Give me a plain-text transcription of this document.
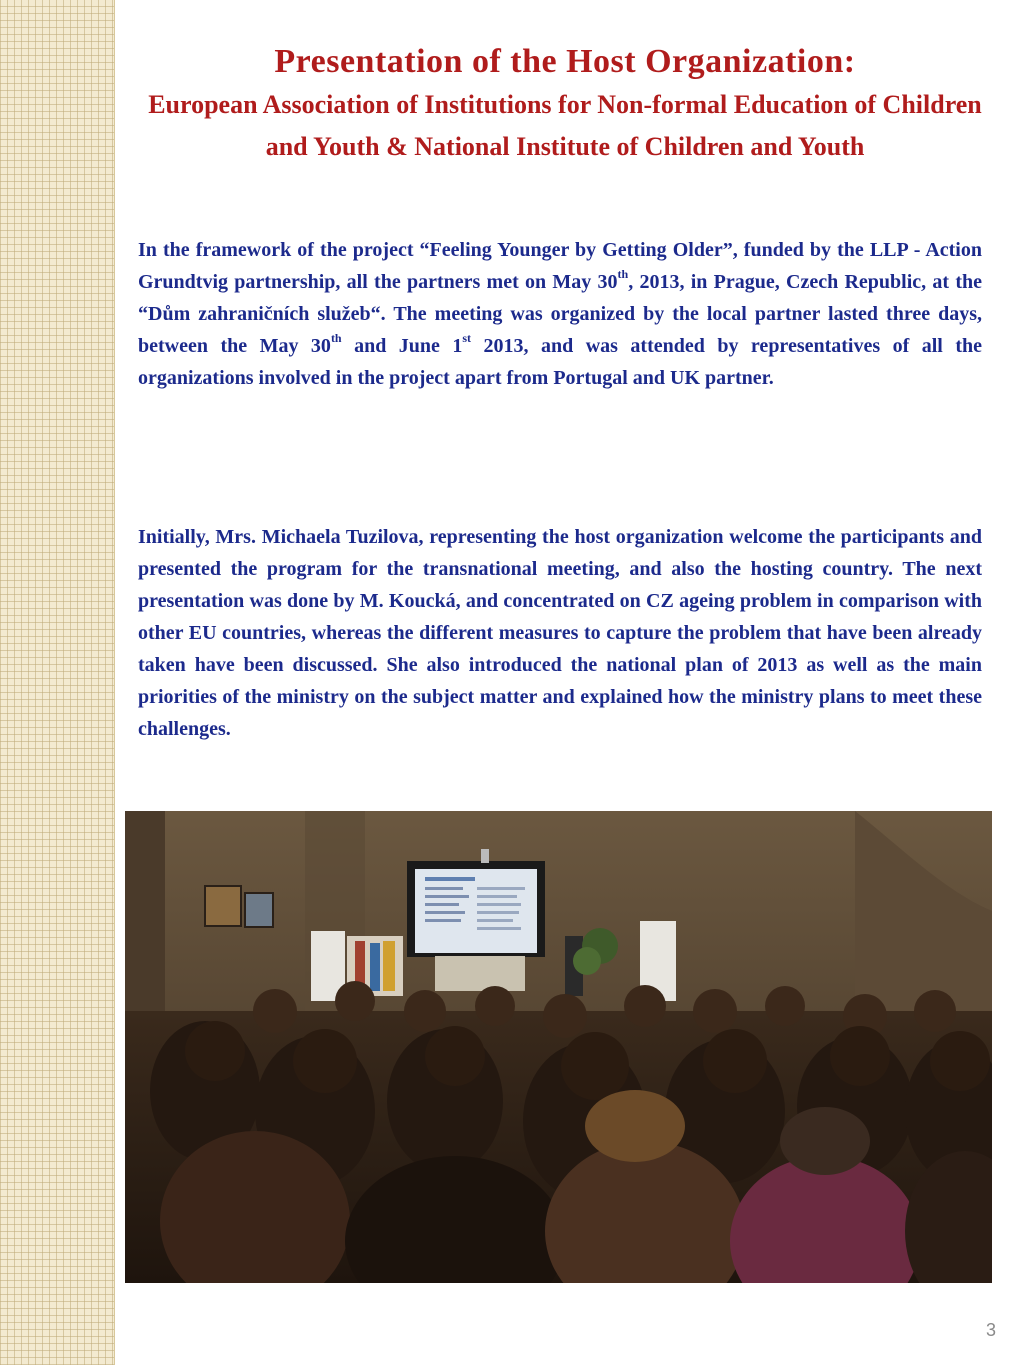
Presentation of the Host Organization:

European Association of Institutions for Non-formal Education of Children and Youth & National Institute of Children and Youth

In the framework of the project “Feeling Younger by Getting Older”, funded by the LLP - Action Grundtvig partnership, all the partners met on May 30th, 2013, in Prague, Czech Republic, at the “Dům zahraničních služeb“. The meeting was organized by the local partner lasted three days, between the May 30th and June 1st 2013, and was attended by representatives of all the organizations involved in the project apart from Portugal and UK partner.

Initially, Mrs. Michaela Tuzilova, representing the host organization welcome the participants and presented the program for the transnational meeting, and also the hosting country. The next presentation was done by M. Koucká, and concentrated on CZ ageing problem in comparison with other EU countries, whereas the different measures to capture the problem that have been already taken have been discussed. She also introduced the national plan of 2013 as well as the main priorities of the ministry on the subject matter and explained how the ministry plans to meet these challenges.

3
